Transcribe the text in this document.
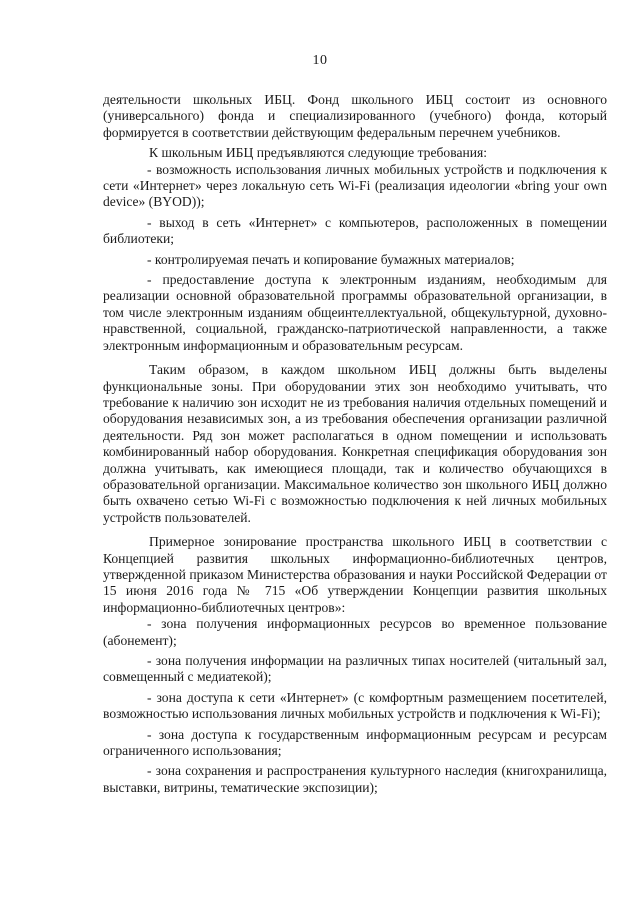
10

деятельности школьных ИБЦ. Фонд школьного ИБЦ состоит из основного (универсального) фонда и специализированного (учебного) фонда, который формируется в соответствии действующим федеральным перечнем учебников.

К школьным ИБЦ предъявляются следующие требования:

- возможность использования личных мобильных устройств и подключения к сети «Интернет» через локальную сеть Wi-Fi (реализация идеологии «bring your own device» (BYOD));

- выход в сеть «Интернет» с компьютеров, расположенных в помещении библиотеки;

- контролируемая печать и копирование бумажных материалов;

- предоставление доступа к электронным изданиям, необходимым для реализации основной образовательной программы образовательной организации, в том числе электронным изданиям общеинтеллектуальной, общекультурной, духовно-нравственной, социальной, гражданско-патриотической направленности, а также электронным информационным и образовательным ресурсам.

Таким образом, в каждом школьном ИБЦ должны быть выделены функциональные зоны. При оборудовании этих зон необходимо учитывать, что требование к наличию зон исходит не из требования наличия отдельных помещений и оборудования независимых зон, а из требования обеспечения организации различной деятельности. Ряд зон может располагаться в одном помещении и использовать комбинированный набор оборудования. Конкретная спецификация оборудования зон должна учитывать, как имеющиеся площади, так и количество обучающихся в образовательной организации. Максимальное количество зон школьного ИБЦ должно быть охвачено сетью Wi-Fi с возможностью подключения к ней личных мобильных устройств пользователей.

Примерное зонирование пространства школьного ИБЦ в соответствии с Концепцией развития школьных информационно-библиотечных центров, утвержденной приказом Министерства образования и науки Российской Федерации от 15 июня 2016 года № 715 «Об утверждении Концепции развития школьных информационно-библиотечных центров»:

- зона получения информационных ресурсов во временное пользование (абонемент);

- зона получения информации на различных типах носителей (читальный зал, совмещенный с медиатекой);

- зона доступа к сети «Интернет» (с комфортным размещением посетителей, возможностью использования личных мобильных устройств и подключения к Wi-Fi);

- зона доступа к государственным информационным ресурсам и ресурсам ограниченного использования;

- зона сохранения и распространения культурного наследия (книгохранилища, выставки, витрины, тематические экспозиции);
